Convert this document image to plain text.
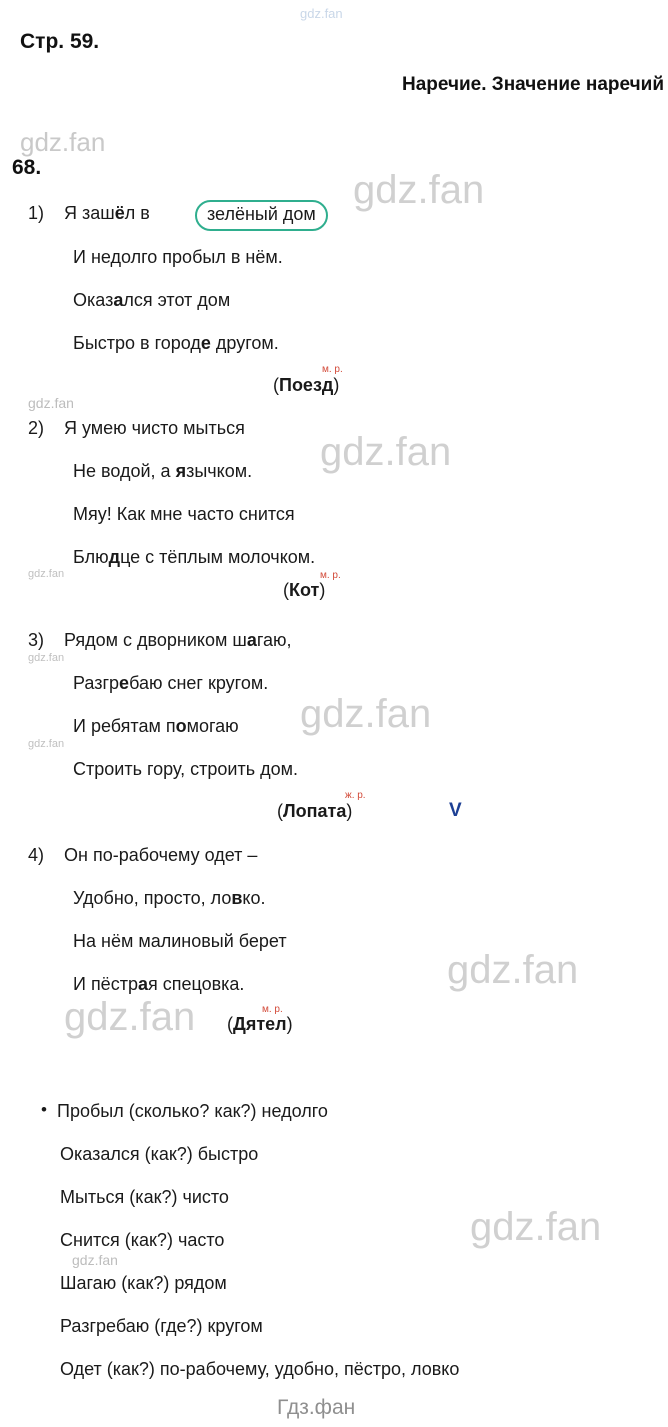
gdz.fan
Стр. 59.
Наречие. Значение наречий
gdz.fan
68.
1) Я зашёл в	зелёный дом
gdz.fan
И недолго пробыл в нём.
Оказался этот дом
Быстро в городе другом.
м. р.
(Поезд)
gdz.fan
2) Я умею чисто мыться
gdz.fan
Не водой, а язычком.
Мяу! Как мне часто снится
Блюдце с тёплым молочком.
gdz.fan	м. р.
(Кот)
3) Рядом с дворником шагаю,
gdz.fan
Разгребаю снег кругом.
gdz.fan
И ребятам помогаю
gdz.fan
Строить гору, строить дом.
ж. р.
(Лопата)	V
4) Он по-рабочему одет –
Удобно, просто, ловко.
На нём малиновый берет
gdz.fan
И пёстрая спецовка.
gdz.fan	м. р.
(Дятел)
• Пробыл (сколько? как?) недолго
Оказался (как?) быстро
Мыться (как?) чисто
gdz.fan
Снится (как?) часто
gdz.fan
Шагаю (как?) рядом
Разгребаю (где?) кругом
Одет (как?) по-рабочему, удобно, пёстро, ловко
Гдз.фан
